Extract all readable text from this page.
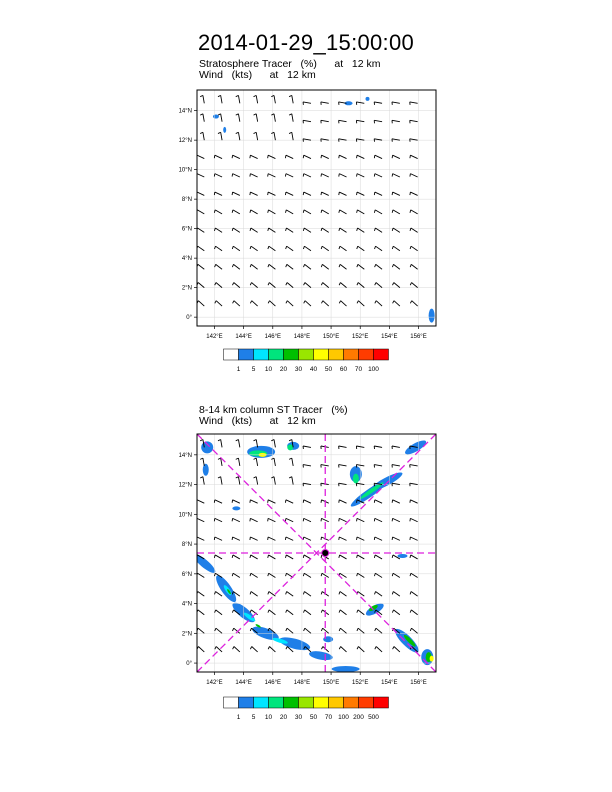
2014-01-29_15:00:00
Stratosphere Tracer   (%)      at   12 km
Wind   (kts)      at   12 km
8-14 km column ST Tracer   (%)
Wind   (kts)      at   12 km
142°E 144°E 146°E 148°E 150°E 152°E 154°E 156°E
0°
2°N
4°N
6°N
8°N
10°N
12°N
14°N
1 5 10 20 30 40 50 60 70 100
142°E 144°E 146°E 148°E 150°E 152°E 154°E 156°E
0°
2°N
4°N
6°N
8°N
10°N
12°N
14°N
1 5 10 20 30 50 70 100 200 500
